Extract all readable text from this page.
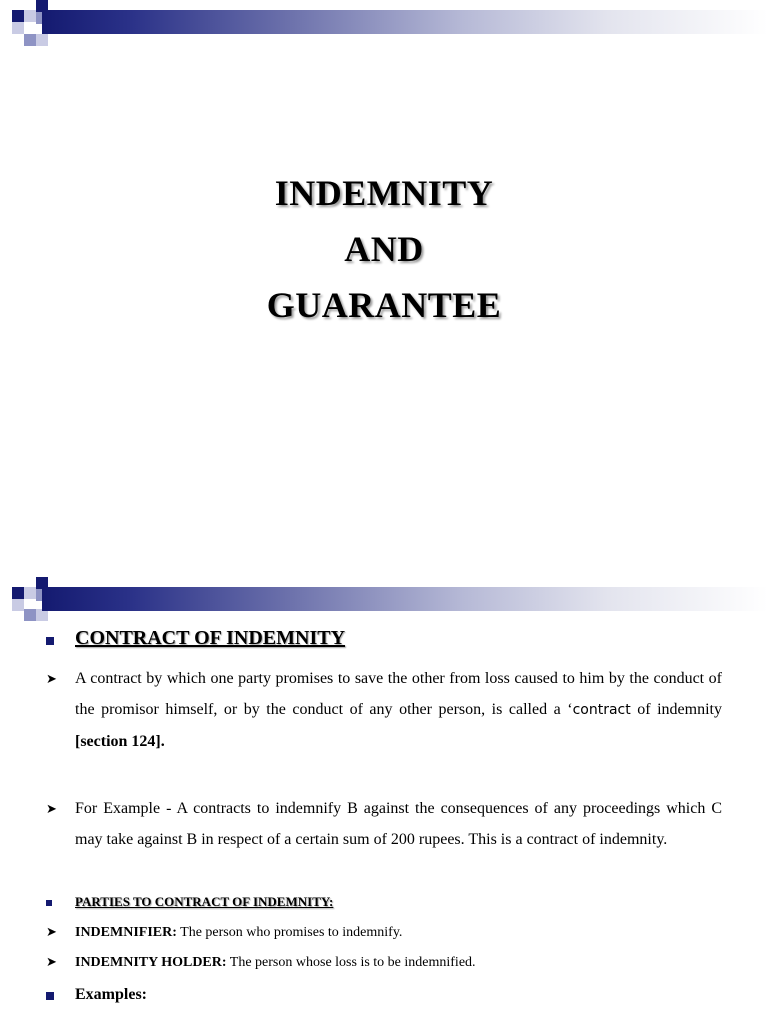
INDEMNITY
AND
GUARANTEE
CONTRACT OF INDEMNITY
➤ A contract by which one party promises to save the other from loss caused to him by the conduct of the promisor himself, or by the conduct of any other person, is called a ‘contract of indemnity [section 124].
➤ For Example - A contracts to indemnify B against the consequences of any proceedings which C may take against B in respect of a certain sum of 200 rupees. This is a contract of indemnity.
PARTIES TO CONTRACT OF INDEMNITY:
➤ INDEMNIFIER: The person who promises to indemnify.
➤ INDEMNITY HOLDER: The person whose loss is to be indemnified.
Examples:
